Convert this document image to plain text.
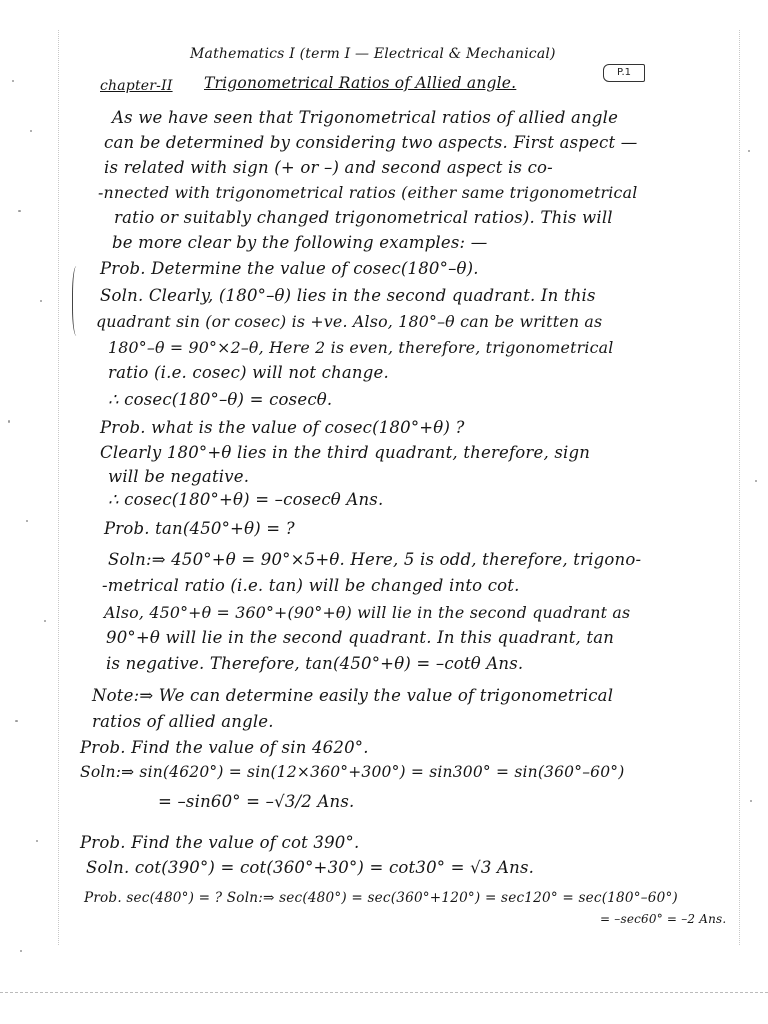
Mathematics I (term I — Electrical & Mechanical)
P.1
chapter-II Trigonometrical Ratios of Allied angle.
As we have seen that Trigonometrical ratios of allied angle
can be determined by considering two aspects. First aspect —
is related with sign (+ or –) and second aspect is co-
-nnected with trigonometrical ratios (either same trigonometrical
ratio or suitably changed trigonometrical ratios). This will
be more clear by the following examples: —
Prob. Determine the value of cosec(180°–θ).
Soln. Clearly, (180°–θ) lies in the second quadrant. In this
quadrant sin (or cosec) is +ve. Also, 180°–θ can be written as
180°–θ = 90°×2–θ, Here 2 is even, therefore, trigonometrical
ratio (i.e. cosec) will not change.
∴ cosec(180°–θ) = cosecθ.
Prob. what is the value of cosec(180°+θ) ?
Clearly 180°+θ lies in the third quadrant, therefore, sign
will be negative.
∴ cosec(180°+θ) = –cosecθ Ans.
Prob. tan(450°+θ) = ?
Soln:⇒ 450°+θ = 90°×5+θ. Here, 5 is odd, therefore, trigono-
-metrical ratio (i.e. tan) will be changed into cot.
Also, 450°+θ = 360°+(90°+θ) will lie in the second quadrant as
90°+θ will lie in the second quadrant. In this quadrant, tan
is negative. Therefore, tan(450°+θ) = –cotθ Ans.
Note:⇒ We can determine easily the value of trigonometrical
ratios of allied angle.
Prob. Find the value of sin 4620°.
Soln:⇒ sin(4620°) = sin(12×360°+300°) = sin300° = sin(360°–60°)
= –sin60° = –√3/2 Ans.
Prob. Find the value of cot 390°.
Soln. cot(390°) = cot(360°+30°) = cot30° = √3 Ans.
Prob. sec(480°) = ? Soln:⇒ sec(480°) = sec(360°+120°) = sec120° = sec(180°–60°)
= –sec60° = –2 Ans.
